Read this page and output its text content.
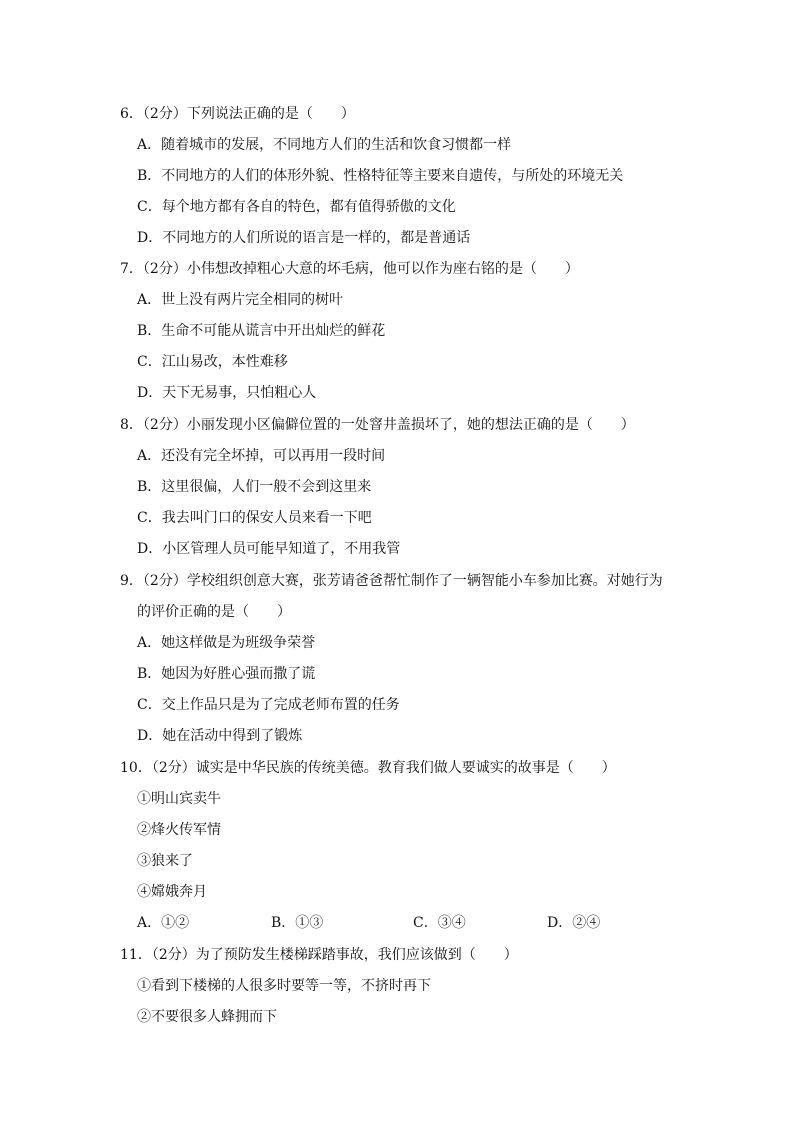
6．（2分）下列说法正确的是（　　）
A．随着城市的发展，不同地方人们的生活和饮食习惯都一样
B．不同地方的人们的体形外貌、性格特征等主要来自遗传，与所处的环境无关
C．每个地方都有各自的特色，都有值得骄傲的文化
D．不同地方的人们所说的语言是一样的，都是普通话
7．（2分）小伟想改掉粗心大意的坏毛病，他可以作为座右铭的是（　　）
A．世上没有两片完全相同的树叶
B．生命不可能从谎言中开出灿烂的鲜花
C．江山易改，本性难移
D．天下无易事，只怕粗心人
8．（2分）小丽发现小区偏僻位置的一处窨井盖损坏了，她的想法正确的是（　　）
A．还没有完全坏掉，可以再用一段时间
B．这里很偏，人们一般不会到这里来
C．我去叫门口的保安人员来看一下吧
D．小区管理人员可能早知道了，不用我管
9．（2分）学校组织创意大赛，张芳请爸爸帮忙制作了一辆智能小车参加比赛。对她行为
的评价正确的是（　　）
A．她这样做是为班级争荣誉
B．她因为好胜心强而撒了谎
C．交上作品只是为了完成老师布置的任务
D．她在活动中得到了锻炼
10．（2分）诚实是中华民族的传统美德。教育我们做人要诚实的故事是（　　）
①明山宾卖牛
②烽火传军情
③狼来了
④嫦娥奔月
A．①②	B．①③	C．③④	D．②④
11．（2分）为了预防发生楼梯踩踏事故，我们应该做到（　　）
①看到下楼梯的人很多时要等一等，不挤时再下
②不要很多人蜂拥而下
